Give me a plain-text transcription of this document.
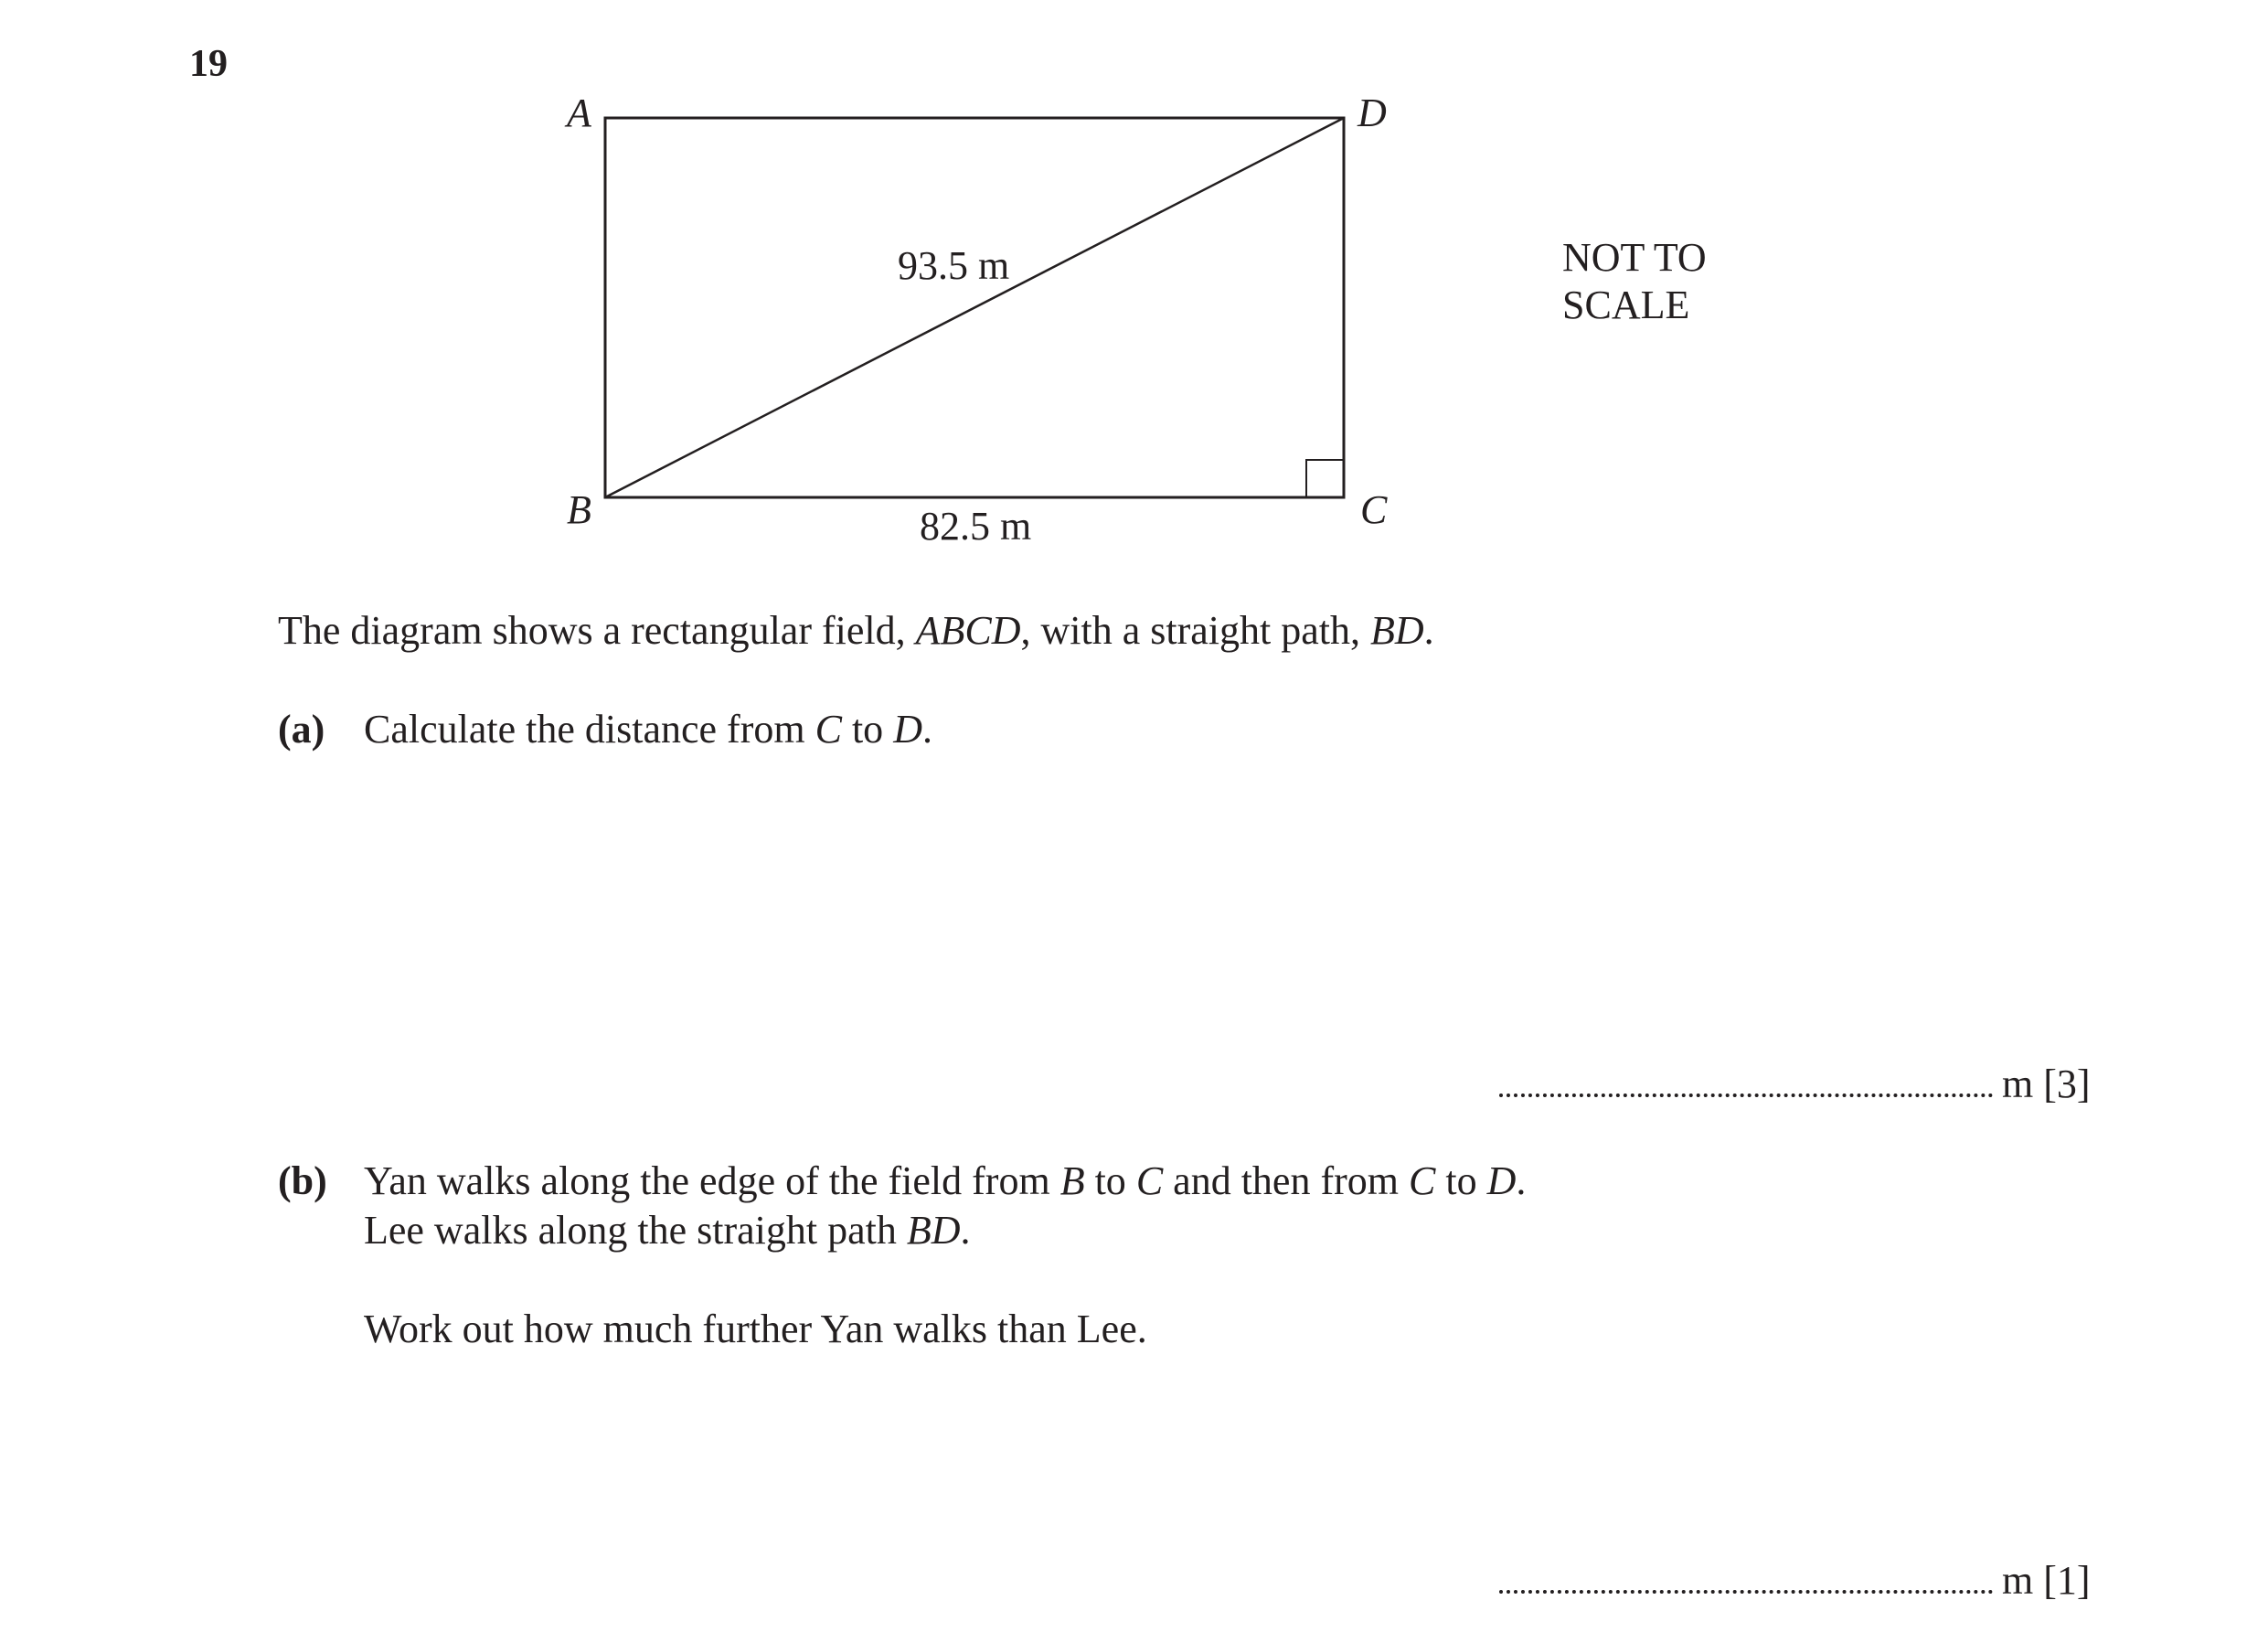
19
A	D
B	C
93.5 m
82.5 m
NOT TO
SCALE
The diagram shows a rectangular field, ABCD, with a straight path, BD.
(a) Calculate the distance from C to D.
m [3]
(b) Yan walks along the edge of the field from B to C and then from C to D.
Lee walks along the straight path BD.
Work out how much further Yan walks than Lee.
m [1]
